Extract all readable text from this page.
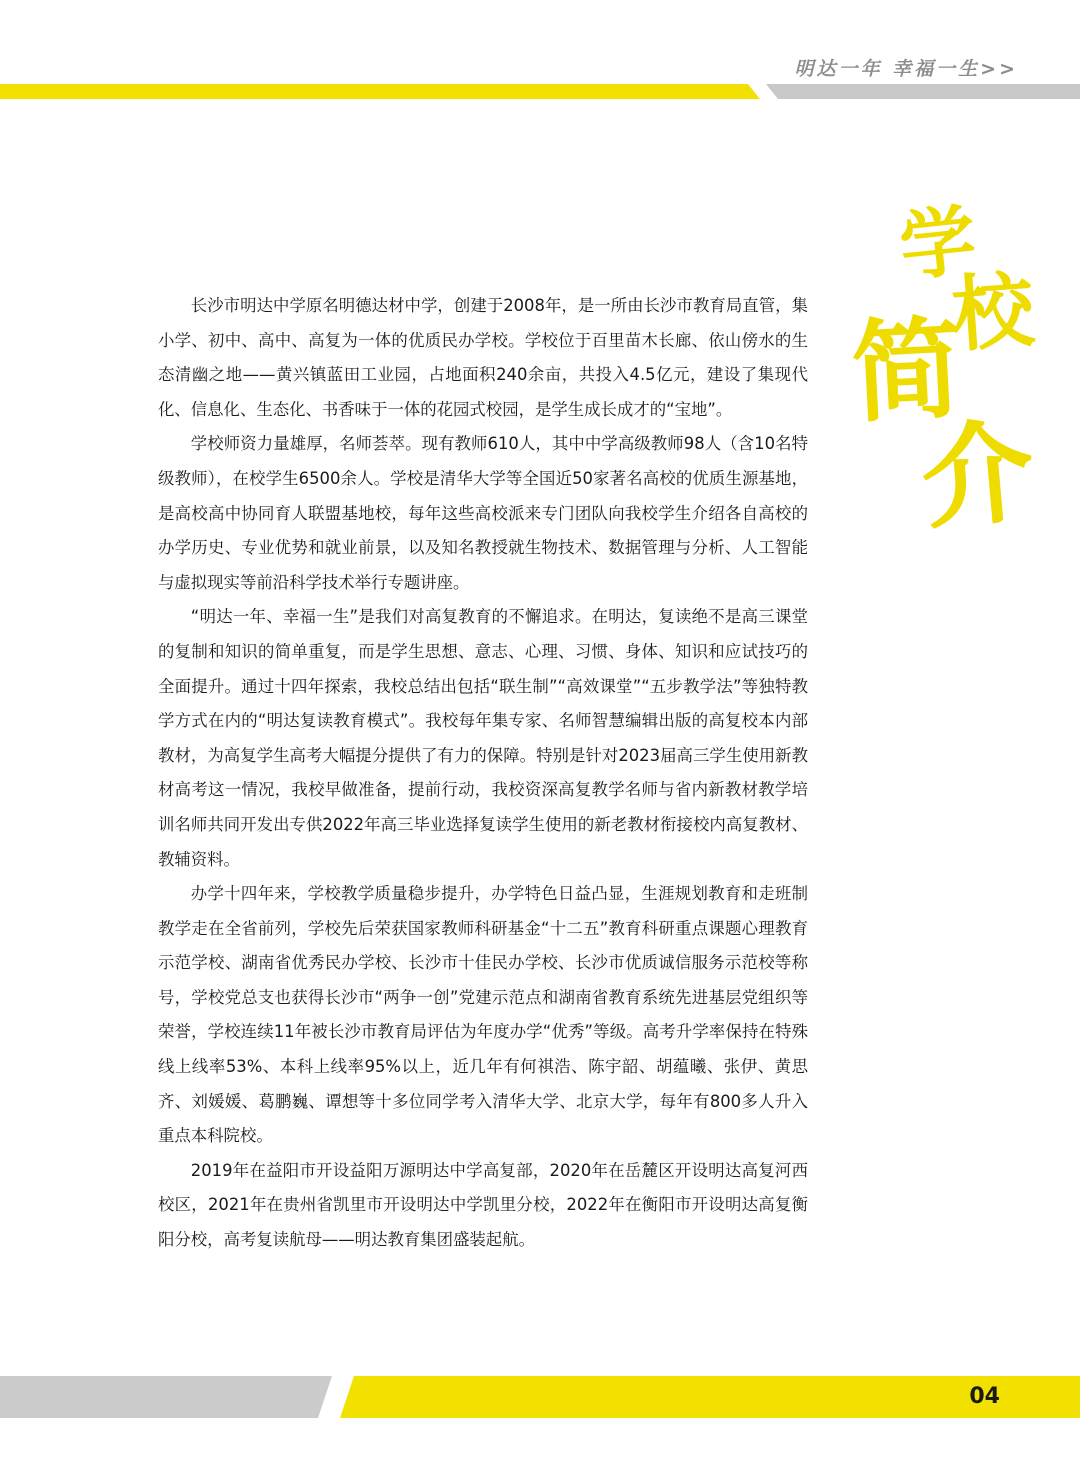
明达一年 幸福一生>>
学
校
简
介

长沙市明达中学原名明德达材中学，创建于2008年，是一所由长沙市教育局直管，集小学、初中、高中、高复为一体的优质民办学校。学校位于百里苗木长廊、依山傍水的生态清幽之地——黄兴镇蓝田工业园，占地面积240余亩，共投入4.5亿元，建设了集现代化、信息化、生态化、书香味于一体的花园式校园，是学生成长成才的“宝地”。

学校师资力量雄厚，名师荟萃。现有教师610人，其中中学高级教师98人（含10名特级教师），在校学生6500余人。学校是清华大学等全国近50家著名高校的优质生源基地，是高校高中协同育人联盟基地校，每年这些高校派来专门团队向我校学生介绍各自高校的办学历史、专业优势和就业前景，以及知名教授就生物技术、数据管理与分析、人工智能与虚拟现实等前沿科学技术举行专题讲座。

“明达一年、幸福一生”是我们对高复教育的不懈追求。在明达，复读绝不是高三课堂的复制和知识的简单重复，而是学生思想、意志、心理、习惯、身体、知识和应试技巧的全面提升。通过十四年探索，我校总结出包括“联生制”“高效课堂”“五步教学法”等独特教学方式在内的“明达复读教育模式”。我校每年集专家、名师智慧编辑出版的高复校本内部教材，为高复学生高考大幅提分提供了有力的保障。特别是针对2023届高三学生使用新教材高考这一情况，我校早做准备，提前行动，我校资深高复教学名师与省内新教材教学培训名师共同开发出专供2022年高三毕业选择复读学生使用的新老教材衔接校内高复教材、教辅资料。

办学十四年来，学校教学质量稳步提升，办学特色日益凸显，生涯规划教育和走班制教学走在全省前列，学校先后荣获国家教师科研基金“十二五”教育科研重点课题心理教育示范学校、湖南省优秀民办学校、长沙市十佳民办学校、长沙市优质诚信服务示范校等称号，学校党总支也获得长沙市“两争一创”党建示范点和湖南省教育系统先进基层党组织等荣誉，学校连续11年被长沙市教育局评估为年度办学“优秀”等级。高考升学率保持在特殊线上线率53%、本科上线率95%以上，近几年有何祺浩、陈宇韶、胡蕴曦、张伊、黄思齐、刘媛媛、葛鹏巍、谭想等十多位同学考入清华大学、北京大学，每年有800多人升入重点本科院校。

2019年在益阳市开设益阳万源明达中学高复部，2020年在岳麓区开设明达高复河西校区，2021年在贵州省凯里市开设明达中学凯里分校，2022年在衡阳市开设明达高复衡阳分校，高考复读航母——明达教育集团盛装起航。

04
